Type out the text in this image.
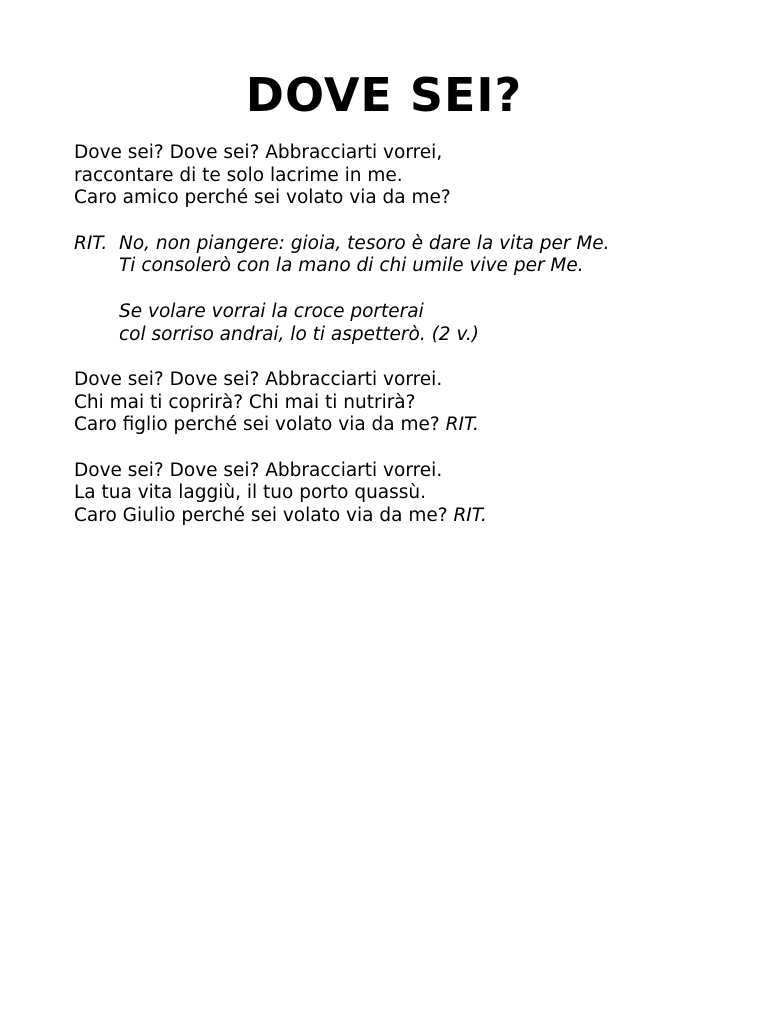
DOVE SEI?
Dove sei? Dove sei? Abbracciarti vorrei,
raccontare di te solo lacrime in me.
Caro amico perché sei volato via da me?
RIT. No, non piangere: gioia, tesoro è dare la vita per Me.
Ti consolerò con la mano di chi umile vive per Me.
Se volare vorrai la croce porterai
col sorriso andrai, lo ti aspetterò. (2 v.)
Dove sei? Dove sei? Abbracciarti vorrei.
Chi mai ti coprirà? Chi mai ti nutrirà?
Caro figlio perché sei volato via da me? RIT.
Dove sei? Dove sei? Abbracciarti vorrei.
La tua vita laggiù, il tuo porto quassù.
Caro Giulio perché sei volato via da me? RIT.
